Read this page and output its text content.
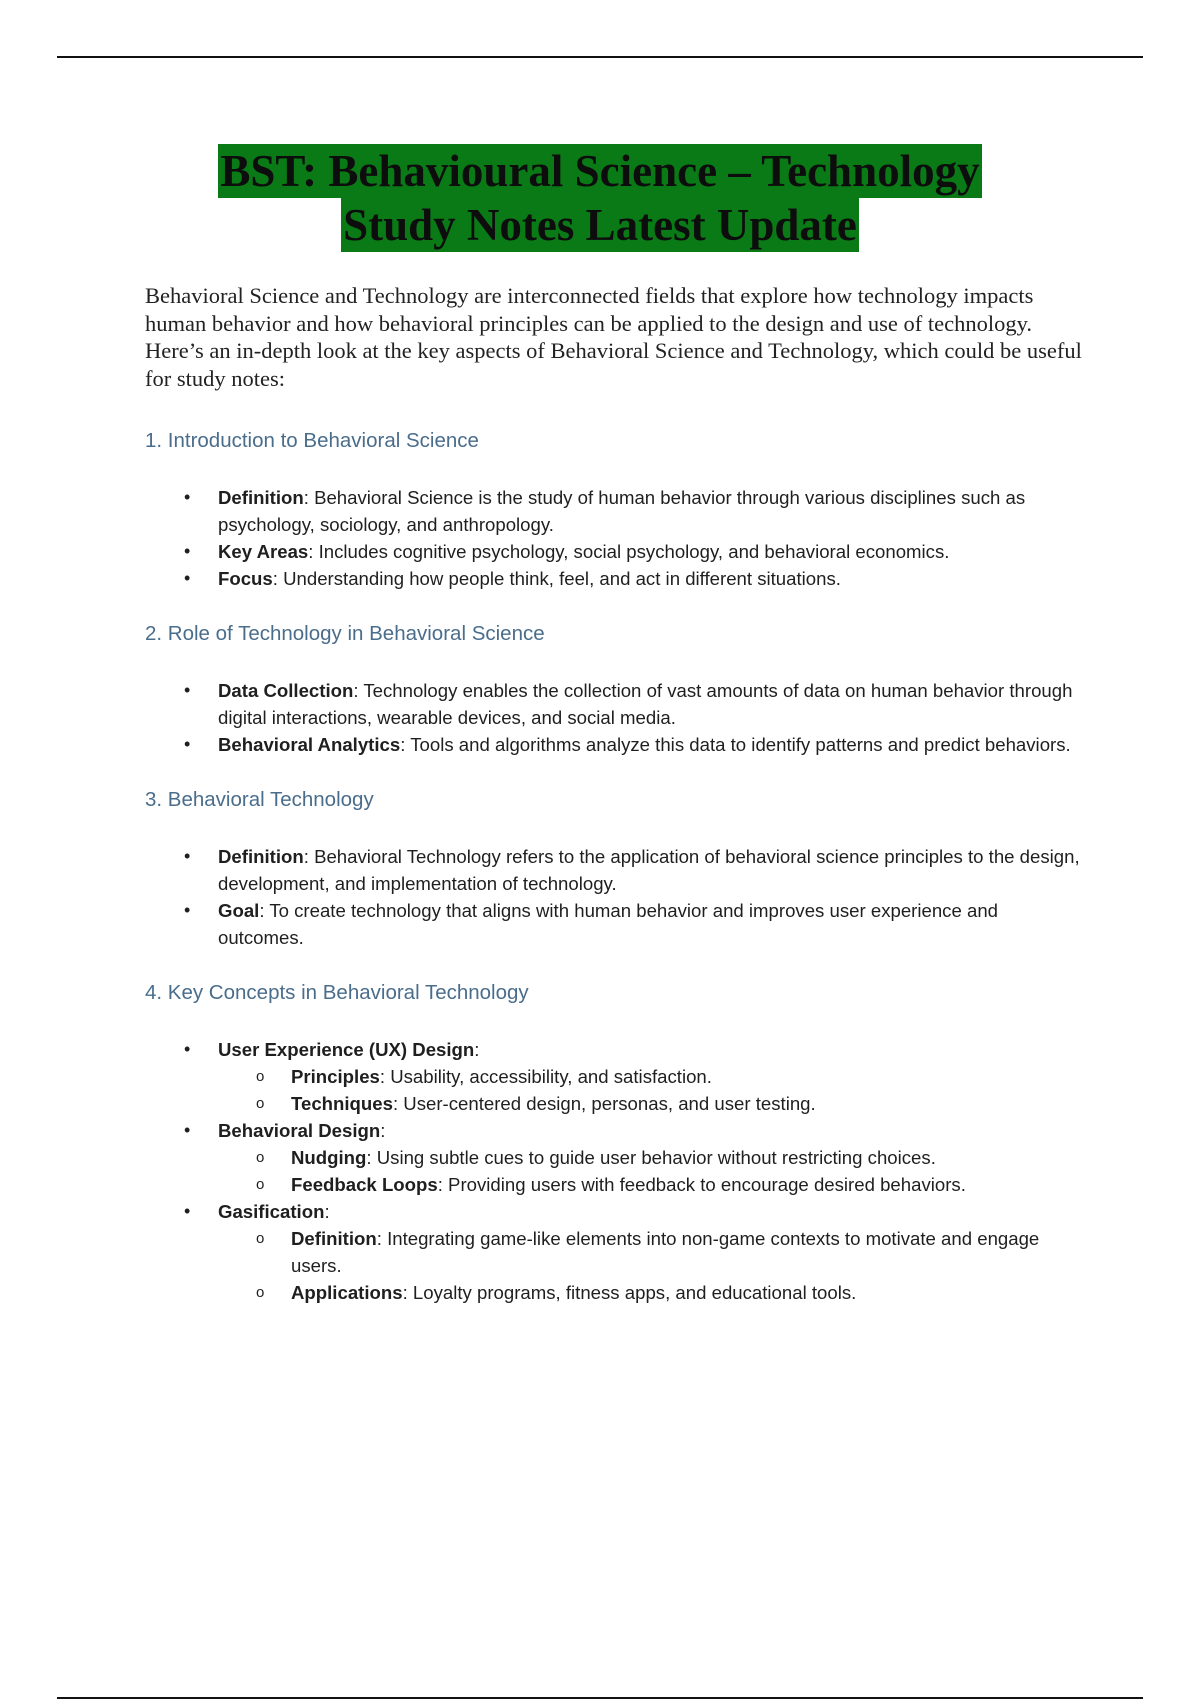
BST: Behavioural Science – Technology
Study Notes Latest Update

Behavioral Science and Technology are interconnected fields that explore how technology impacts human behavior and how behavioral principles can be applied to the design and use of technology. Here’s an in-depth look at the key aspects of Behavioral Science and Technology, which could be useful for study notes:

1. Introduction to Behavioral Science
• Definition: Behavioral Science is the study of human behavior through various disciplines such as psychology, sociology, and anthropology.
• Key Areas: Includes cognitive psychology, social psychology, and behavioral economics.
• Focus: Understanding how people think, feel, and act in different situations.
2. Role of Technology in Behavioral Science
• Data Collection: Technology enables the collection of vast amounts of data on human behavior through digital interactions, wearable devices, and social media.
• Behavioral Analytics: Tools and algorithms analyze this data to identify patterns and predict behaviors.
3. Behavioral Technology
• Definition: Behavioral Technology refers to the application of behavioral science principles to the design, development, and implementation of technology.
• Goal: To create technology that aligns with human behavior and improves user experience and outcomes.
4. Key Concepts in Behavioral Technology
• User Experience (UX) Design:
o Principles: Usability, accessibility, and satisfaction.
o Techniques: User-centered design, personas, and user testing.
• Behavioral Design:
o Nudging: Using subtle cues to guide user behavior without restricting choices.
o Feedback Loops: Providing users with feedback to encourage desired behaviors.
• Gasification:
o Definition: Integrating game-like elements into non-game contexts to motivate and engage users.
o Applications: Loyalty programs, fitness apps, and educational tools.
